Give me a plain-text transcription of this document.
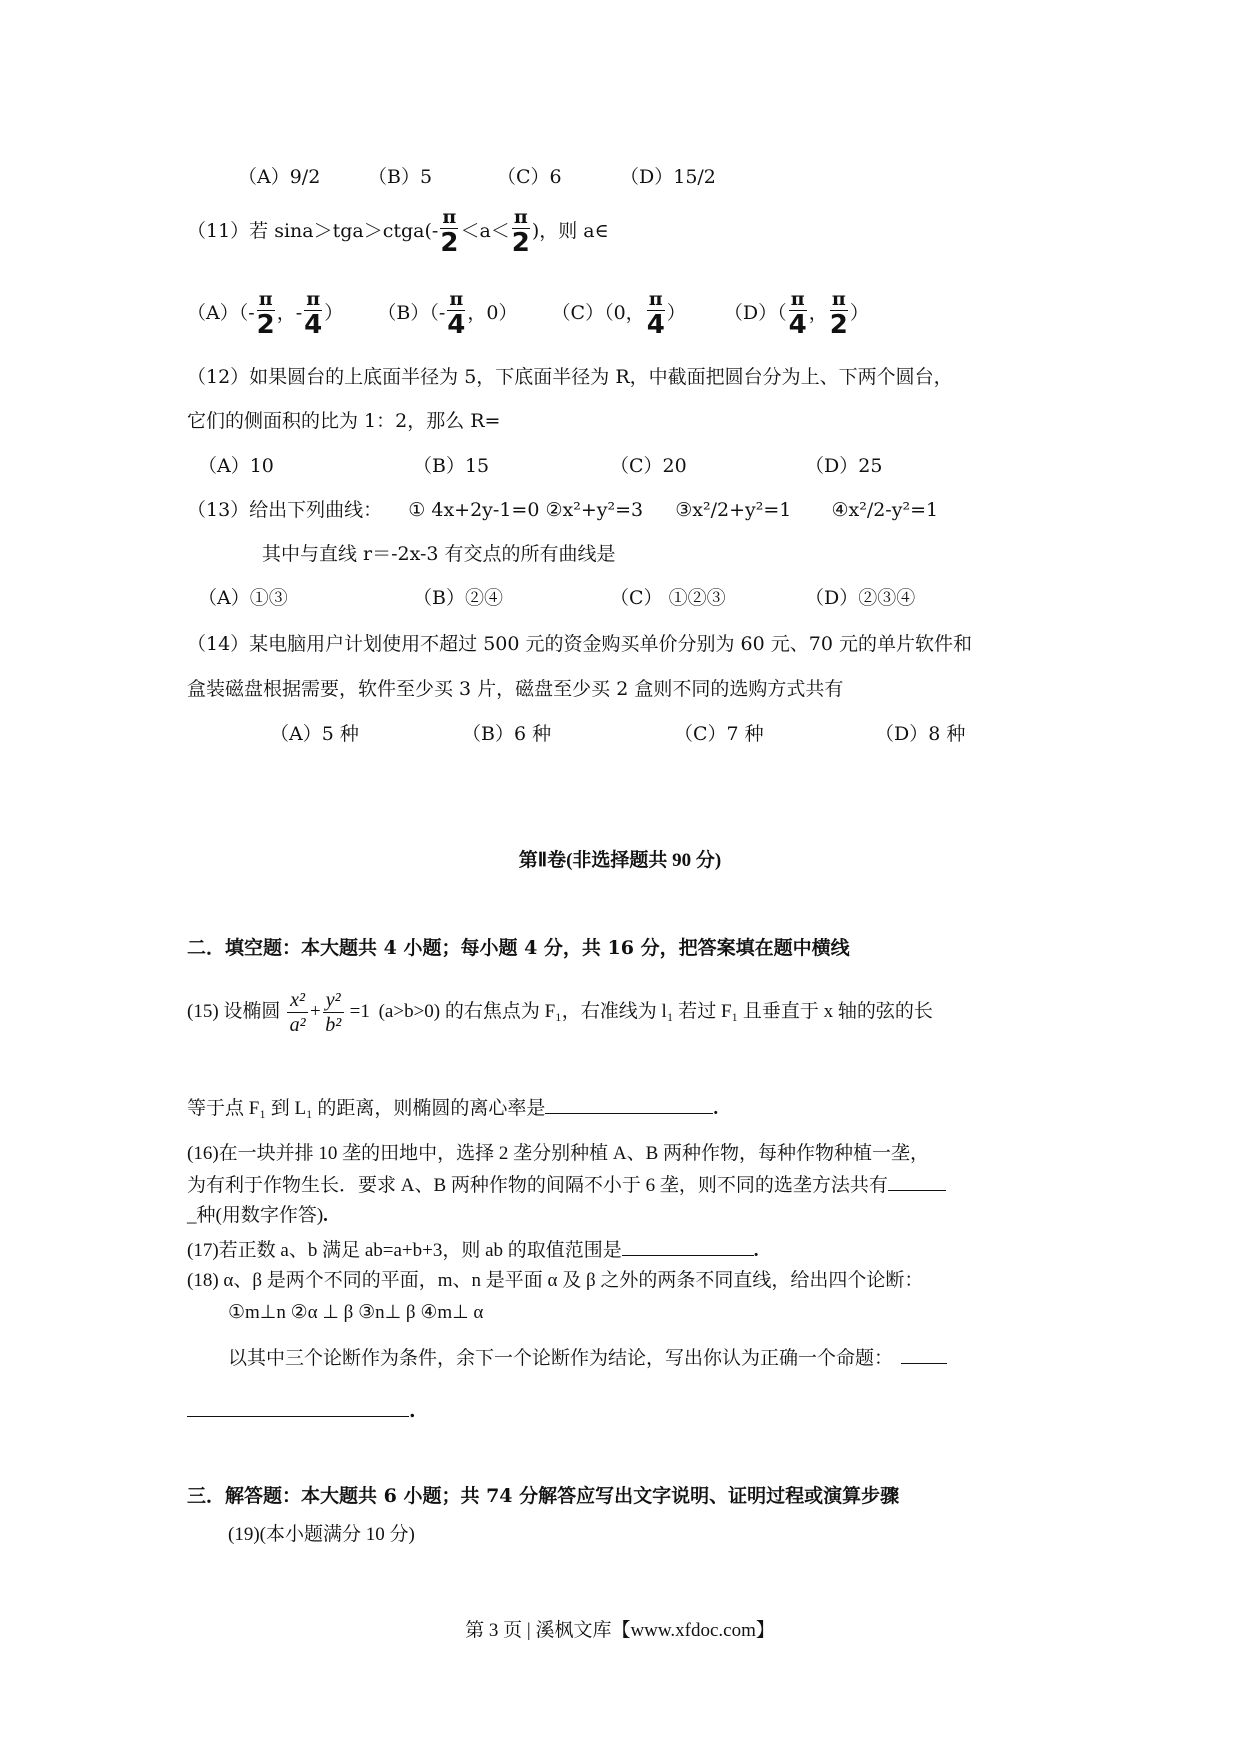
（A）9/2	（B）5	（C）6	（D）15/2
（11）若 sina＞tga＞ctga(- $\frac{\pi}{2} <a< \frac{\pi}{2}$ )，则 a∈
$(A)(- \frac{\pi}{2}$ ，- $\frac{\pi}{4}$ ） $(B)(- \frac{\pi}{4}$ ，0） （C）（0， $\frac{\pi}{4}$ ） $(D)( \frac{\pi}{4}$ ， $\frac{\pi}{2}$ ）
（12）如果圆台的上底面半径为 5，下底面半径为 R，中截面把圆台分为上、下两个圆台，
它们的侧面积的比为 1：2，那么 R=
（A）10	（B）15	（C）20	（D）25
（13）给出下列曲线： ① 4x+2y-1=0 ②x²+y²=3 ③x²/2+y²=1 ④x²/2-y²=1
其中与直线 r＝-2x-3 有交点的所有曲线是
（A）①③	（B）②④	（C） ①②③	（D）②③④
（14）某电脑用户计划使用不超过 500 元的资金购买单价分别为 60 元、70 元的单片软件和
盒装磁盘根据需要，软件至少买 3 片，磁盘至少买 2 盒则不同的选购方式共有
（A）5 种	（B）6 种	（C）7 种	（D）8 种
第Ⅱ卷(非选择题共 90 分)
二．填空题：本大题共 4 小题；每小题 4 分，共 16 分，把答案填在题中横线
(15) 设椭圆 $\frac{\text{x²}}{\text{a²}} + \frac{\text{y²}}{\text{b²}} =1$ (a>b>0) 的右焦点为 F₁，右准线为 l₁ 若过 F₁ 且垂直于 x 轴的弦的长
等于点 F₁ 到 L₁ 的距离，则椭圆的离心率是	.
(16)在一块并排 10 垄的田地中，选择 2 垄分别种植 A、B 两种作物，每种作物种植一垄，
为有利于作物生长．要求 A、B 两种作物的间隔不小于 6 垄，则不同的选垄方法共有
_种(用数字作答).
(17)若正数 a、b 满足 ab=a+b+3，则 ab 的取值范围是	.
(18) α、β 是两个不同的平面，m、n 是平面 α 及 β 之外的两条不同直线，给出四个论断：
①m⊥n ②α ⊥ β ③n⊥ β ④m⊥ α
以其中三个论断作为条件，余下一个论断作为结论，写出你认为正确一个命题：
.
三．解答题：本大题共 6 小题；共 74 分解答应写出文字说明、证明过程或演算步骤
(19)(本小题满分 10 分)
第 3 页 | 溪枫文库【www.xfdoc.com】
